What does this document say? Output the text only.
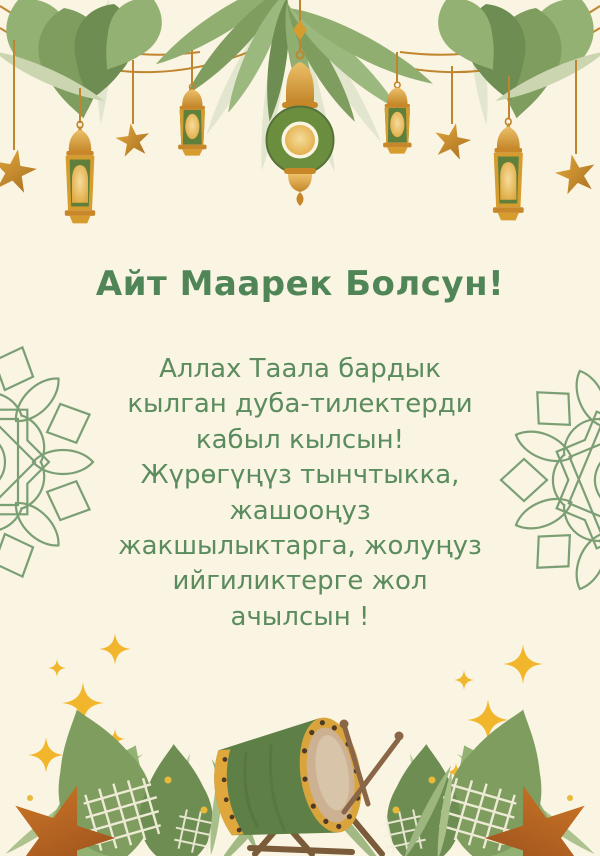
Айт Маарек Болсун!

Аллах Таала бардык
кылган дуба-тилектерди
кабыл кылсын!
Жүрөгүңүз тынчтыкка,
жашооңуз
жакшылыктарга, жолуңуз
ийгиликтерге жол
ачылсын !
